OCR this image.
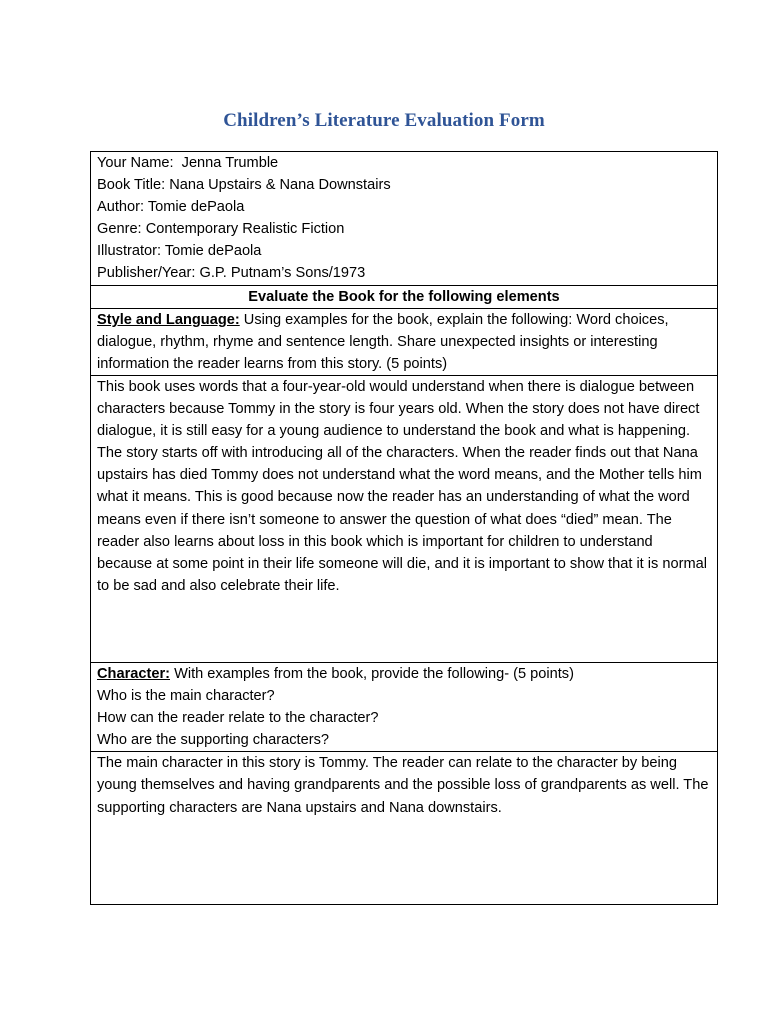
Children’s Literature Evaluation Form
Your Name: Jenna Trumble
Book Title: Nana Upstairs & Nana Downstairs
Author: Tomie dePaola
Genre: Contemporary Realistic Fiction
Illustrator: Tomie dePaola
Publisher/Year: G.P. Putnam’s Sons/1973

Evaluate the Book for the following elements
Style and Language: Using examples for the book, explain the following: Word choices, dialogue, rhythm, rhyme and sentence length. Share unexpected insights or interesting information the reader learns from this story. (5 points)
This book uses words that a four-year-old would understand when there is dialogue between characters because Tommy in the story is four years old. When the story does not have direct dialogue, it is still easy for a young audience to understand the book and what is happening. The story starts off with introducing all of the characters. When the reader finds out that Nana upstairs has died Tommy does not understand what the word means, and the Mother tells him what it means. This is good because now the reader has an understanding of what the word means even if there isn’t someone to answer the question of what does “died” mean. The reader also learns about loss in this book which is important for children to understand because at some point in their life someone will die, and it is important to show that it is normal to be sad and also celebrate their life.

Character: With examples from the book, provide the following- (5 points)
Who is the main character?
How can the reader relate to the character?
Who are the supporting characters?

The main character in this story is Tommy. The reader can relate to the character by being young themselves and having grandparents and the possible loss of grandparents as well. The supporting characters are Nana upstairs and Nana downstairs.
